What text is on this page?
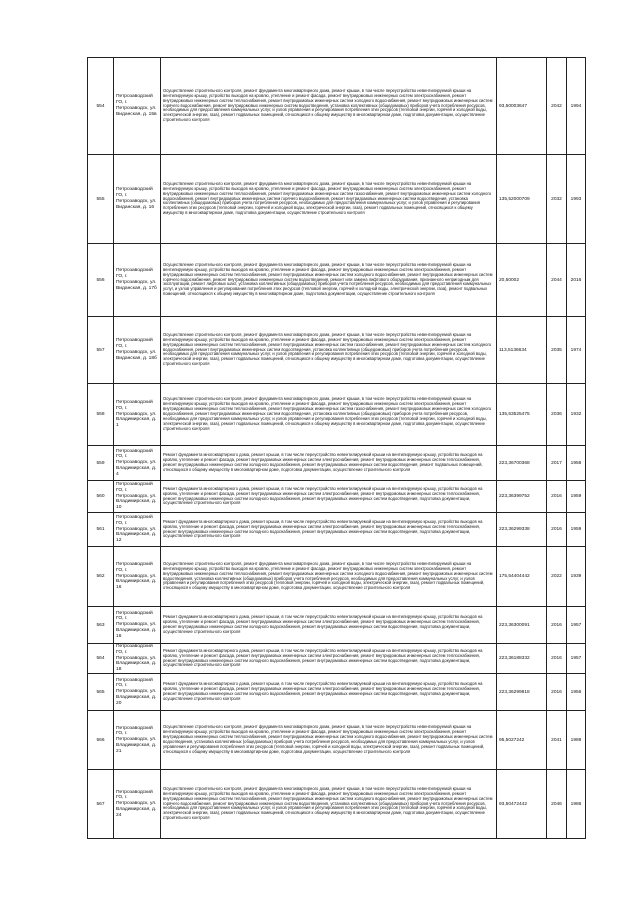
554	Петрозаводский ГО, г. Петрозаводск, ул. Виданская, д. 15в	Осуществление строительного контроля, ремонт фундамента многоквартирного дома, ремонт крыши, в том числе переустройство невентилируемой крыши на вентилируемую крышу, устройство выходов на кровлю, утепление и ремонт фасада, ремонт внутридомовых инженерных систем электроснабжения, ремонт внутридомовых инженерных систем теплоснабжения, ремонт внутридомовых инженерных систем холодного водоснабжения, ремонт внутридомовых инженерных систем горячего водоснабжения, ремонт внутридомовых инженерных систем водоотведения, установка коллективных (общедомовых) приборов учета потребления ресурсов, необходимых для предоставления коммунальных услуг, и узлов управления и регулирования потребления этих ресурсов (тепловой энергии, горячей и холодной воды, электрической энергии, газа), ремонт подвальных помещений, относящихся к общему имуществу в многоквартирном доме, подготовка документации, осуществление строительного контроля	93,50003647	2042	1994
555	Петрозаводский ГО, г. Петрозаводск, ул. Виданская, д. 16	Осуществление строительного контроля, ремонт фундамента многоквартирного дома, ремонт крыши, в том числе переустройство невентилируемой крыши на вентилируемую крышу, устройство выходов на кровлю, утепление и ремонт фасада, ремонт внутридомовых инженерных систем электроснабжения, ремонт внутридомовых инженерных систем теплоснабжения, ремонт внутридомовых инженерных систем газоснабжения, ремонт внутридомовых инженерных систем холодного водоснабжения, ремонт внутридомовых инженерных систем горячего водоснабжения, ремонт внутридомовых инженерных систем водоотведения, установка коллективных (общедомовых) приборов учета потребления ресурсов, необходимых для предоставления коммунальных услуг, и узлов управления и регулирования потребления этих ресурсов (тепловой энергии, горячей и холодной воды, электрической энергии, газа), ремонт подвальных помещений, относящихся к общему имуществу в многоквартирном доме, подготовка документации, осуществление строительного контроля	135,52000709	2032	1993
556	Петрозаводский ГО, г. Петрозаводск, ул. Виданская, д. 17б	Осуществление строительного контроля, ремонт фундамента многоквартирного дома, ремонт крыши, в том числе переустройство невентилируемой крыши на вентилируемую крышу, устройство выходов на кровлю, утепление и ремонт фасада, ремонт внутридомовых инженерных систем электроснабжения, ремонт внутридомовых инженерных систем теплоснабжения, ремонт внутридомовых инженерных систем холодного водоснабжения, ремонт внутридомовых инженерных систем горячего водоснабжения, ремонт внутридомовых инженерных систем водоотведения, ремонт или замена лифтового оборудования, признанного непригодным для эксплуатации, ремонт лифтовых шахт, установка коллективных (общедомовых) приборов учета потребления ресурсов, необходимых для предоставления коммунальных услуг, и узлов управления и регулирования потребления этих ресурсов (тепловой энергии, горячей и холодной воды, электрической энергии, газа), ремонт подвальных помещений, относящихся к общему имуществу в многоквартирном доме, подготовка документации, осуществление строительного контроля	20,50002	2044	2016
557	Петрозаводский ГО, г. Петрозаводск, ул. Виданская, д. 18б	Осуществление строительного контроля, ремонт фундамента многоквартирного дома, ремонт крыши, в том числе переустройство невентилируемой крыши на вентилируемую крышу, устройство выходов на кровлю, утепление и ремонт фасада, ремонт внутридомовых инженерных систем электроснабжения, ремонт внутридомовых инженерных систем теплоснабжения, ремонт внутридомовых инженерных систем газоснабжения, ремонт внутридомовых инженерных систем холодного водоснабжения, ремонт внутридомовых инженерных систем водоотведения, установка коллективных (общедомовых) приборов учета потребления ресурсов, необходимых для предоставления коммунальных услуг, и узлов управления и регулирования потребления этих ресурсов (тепловой энергии, горячей и холодной воды, электрической энергии, газа), ремонт подвальных помещений, относящихся к общему имуществу в многоквартирном доме, подготовка документации, осуществление строительного контроля	113,5136634	2035	1974
558	Петрозаводский ГО, г. Петрозаводск, ул. Владимирская, д. 1	Осуществление строительного контроля, ремонт фундамента многоквартирного дома, ремонт крыши, в том числе переустройство невентилируемой крыши на вентилируемую крышу, устройство выходов на кровлю, утепление и ремонт фасада, ремонт внутридомовых инженерных систем электроснабжения, ремонт внутридомовых инженерных систем теплоснабжения, ремонт внутридомовых инженерных систем газоснабжения, ремонт внутридомовых инженерных систем холодного водоснабжения, ремонт внутридомовых инженерных систем водоотведения, установка коллективных (общедомовых) приборов учета потребления ресурсов, необходимых для предоставления коммунальных услуг, и узлов управления и регулирования потребления этих ресурсов (тепловой энергии, горячей и холодной воды, электрической энергии, газа), ремонт подвальных помещений, относящихся к общему имуществу в многоквартирном доме, подготовка документации, осуществление строительного контроля	135,53525475	2036	1932
559	Петрозаводский ГО, г. Петрозаводск, ул. Владимирская, д. 4	Ремонт фундамента многоквартирного дома, ремонт крыши, в том числе переустройство невентилируемой крыши на вентилируемую крышу, устройство выходов на кровлю, утепление и ремонт фасада, ремонт внутридомовых инженерных систем электроснабжения, ремонт внутридомовых инженерных систем теплоснабжения, ремонт внутридомовых инженерных систем холодного водоснабжения, ремонт внутридомовых инженерных систем водоотведения, ремонт подвальных помещений, относящихся к общему имуществу в многоквартирном доме, подготовка документации, осуществление строительного контроля	223,36700368	2017	1958
560	Петрозаводский ГО, г. Петрозаводск, ул. Владимирская, д. 10	Ремонт фундамента многоквартирного дома, ремонт крыши, в том числе переустройство невентилируемой крыши на вентилируемую крышу, устройство выходов на кровлю, утепление и ремонт фасада, ремонт внутридомовых инженерных систем электроснабжения, ремонт внутридомовых инженерных систем теплоснабжения, ремонт внутридомовых инженерных систем холодного водоснабжения, ремонт внутридомовых инженерных систем водоотведения, подготовка документации, осуществление строительного контроля	223,36399752	2016	1959
561	Петрозаводский ГО, г. Петрозаводск, ул. Владимирская, д. 12	Ремонт фундамента многоквартирного дома, ремонт крыши, в том числе переустройство невентилируемой крыши на вентилируемую крышу, устройство выходов на кровлю, утепление и ремонт фасада, ремонт внутридомовых инженерных систем электроснабжения, ремонт внутридомовых инженерных систем теплоснабжения, ремонт внутридомовых инженерных систем холодного водоснабжения, ремонт внутридомовых инженерных систем водоотведения, подготовка документации, осуществление строительного контроля	223,36299338	2016	1959
562	Петрозаводский ГО, г. Петрозаводск, ул. Владимирская, д. 16	Осуществление строительного контроля, ремонт фундамента многоквартирного дома, ремонт крыши, в том числе переустройство невентилируемой крыши на вентилируемую крышу, устройство выходов на кровлю, утепление и ремонт фасада, ремонт внутридомовых инженерных систем электроснабжения, ремонт внутридомовых инженерных систем теплоснабжения, ремонт внутридомовых инженерных систем холодного водоснабжения, ремонт внутридомовых инженерных систем водоотведения, установка коллективных (общедомовых) приборов учета потребления ресурсов, необходимых для предоставления коммунальных услуг, и узлов управления и регулирования потребления этих ресурсов (тепловой энергии, горячей и холодной воды, электрической энергии, газа), ремонт подвальных помещений, относящихся к общему имуществу в многоквартирном доме, подготовка документации, осуществление строительного контроля	175,54404442	2022	1939
563	Петрозаводский ГО, г. Петрозаводск, ул. Владимирская, д. 16	Ремонт фундамента многоквартирного дома, ремонт крыши, в том числе переустройство невентилируемой крыши на вентилируемую крышу, устройство выходов на кровлю, утепление и ремонт фасада, ремонт внутридомовых инженерных систем электроснабжения, ремонт внутридомовых инженерных систем теплоснабжения, ремонт внутридомовых инженерных систем холодного водоснабжения, ремонт внутридомовых инженерных систем водоотведения, подготовка документации, осуществление строительного контроля	223,36300091	2016	1957
564	Петрозаводский ГО, г. Петрозаводск, ул. Владимирская, д. 18	Ремонт фундамента многоквартирного дома, ремонт крыши, в том числе переустройство невентилируемой крыши на вентилируемую крышу, устройство выходов на кровлю, утепление и ремонт фасада, ремонт внутридомовых инженерных систем электроснабжения, ремонт внутридомовых инженерных систем теплоснабжения, ремонт внутридомовых инженерных систем холодного водоснабжения, ремонт внутридомовых инженерных систем водоотведения, подготовка документации, осуществление строительного контроля	223,36188332	2016	1957
565	Петрозаводский ГО, г. Петрозаводск, ул. Владимирская, д. 20	Ремонт фундамента многоквартирного дома, ремонт крыши, в том числе переустройство невентилируемой крыши на вентилируемую крышу, устройство выходов на кровлю, утепление и ремонт фасада, ремонт внутридомовых инженерных систем электроснабжения, ремонт внутридомовых инженерных систем теплоснабжения, ремонт внутридомовых инженерных систем холодного водоснабжения, ремонт внутридомовых инженерных систем водоотведения, подготовка документации, осуществление строительного контроля	223,36299818	2016	1956
566	Петрозаводский ГО, г. Петрозаводск, ул. Владимирская, д. 21	Осуществление строительного контроля, ремонт фундамента многоквартирного дома, ремонт крыши, в том числе переустройство невентилируемой крыши на вентилируемую крышу, устройство выходов на кровлю, утепление и ремонт фасада, ремонт внутридомовых инженерных систем электроснабжения, ремонт внутридомовых инженерных систем теплоснабжения, ремонт внутридомовых инженерных систем холодного водоснабжения, ремонт внутридомовых инженерных систем водоотведения, установка коллективных (общедомовых) приборов учета потребления ресурсов, необходимых для предоставления коммунальных услуг, и узлов управления и регулирования потребления этих ресурсов (тепловой энергии, горячей и холодной воды, электрической энергии, газа), ремонт подвальных помещений, относящихся к общему имуществу в многоквартирном доме, подготовка документации, осуществление строительного контроля	95,5027242	2041	1989
567	Петрозаводский ГО, г. Петрозаводск, ул. Владимирская, д. 24	Осуществление строительного контроля, ремонт фундамента многоквартирного дома, ремонт крыши, в том числе переустройство невентилируемой крыши на вентилируемую крышу, устройство выходов на кровлю, утепление и ремонт фасада, ремонт внутридомовых инженерных систем электроснабжения, ремонт внутридомовых инженерных систем теплоснабжения, ремонт внутридомовых инженерных систем холодного водоснабжения, ремонт внутридомовых инженерных систем горячего водоснабжения, ремонт внутридомовых инженерных систем водоотведения, установка коллективных (общедомовых) приборов учета потребления ресурсов, необходимых для предоставления коммунальных услуг, и узлов управления и регулирования потребления этих ресурсов (тепловой энергии, горячей и холодной воды, электрической энергии, газа), ремонт подвальных помещений, относящихся к общему имуществу в многоквартирном доме, подготовка документации, осуществление строительного контроля	93,50472442	2046	1986
